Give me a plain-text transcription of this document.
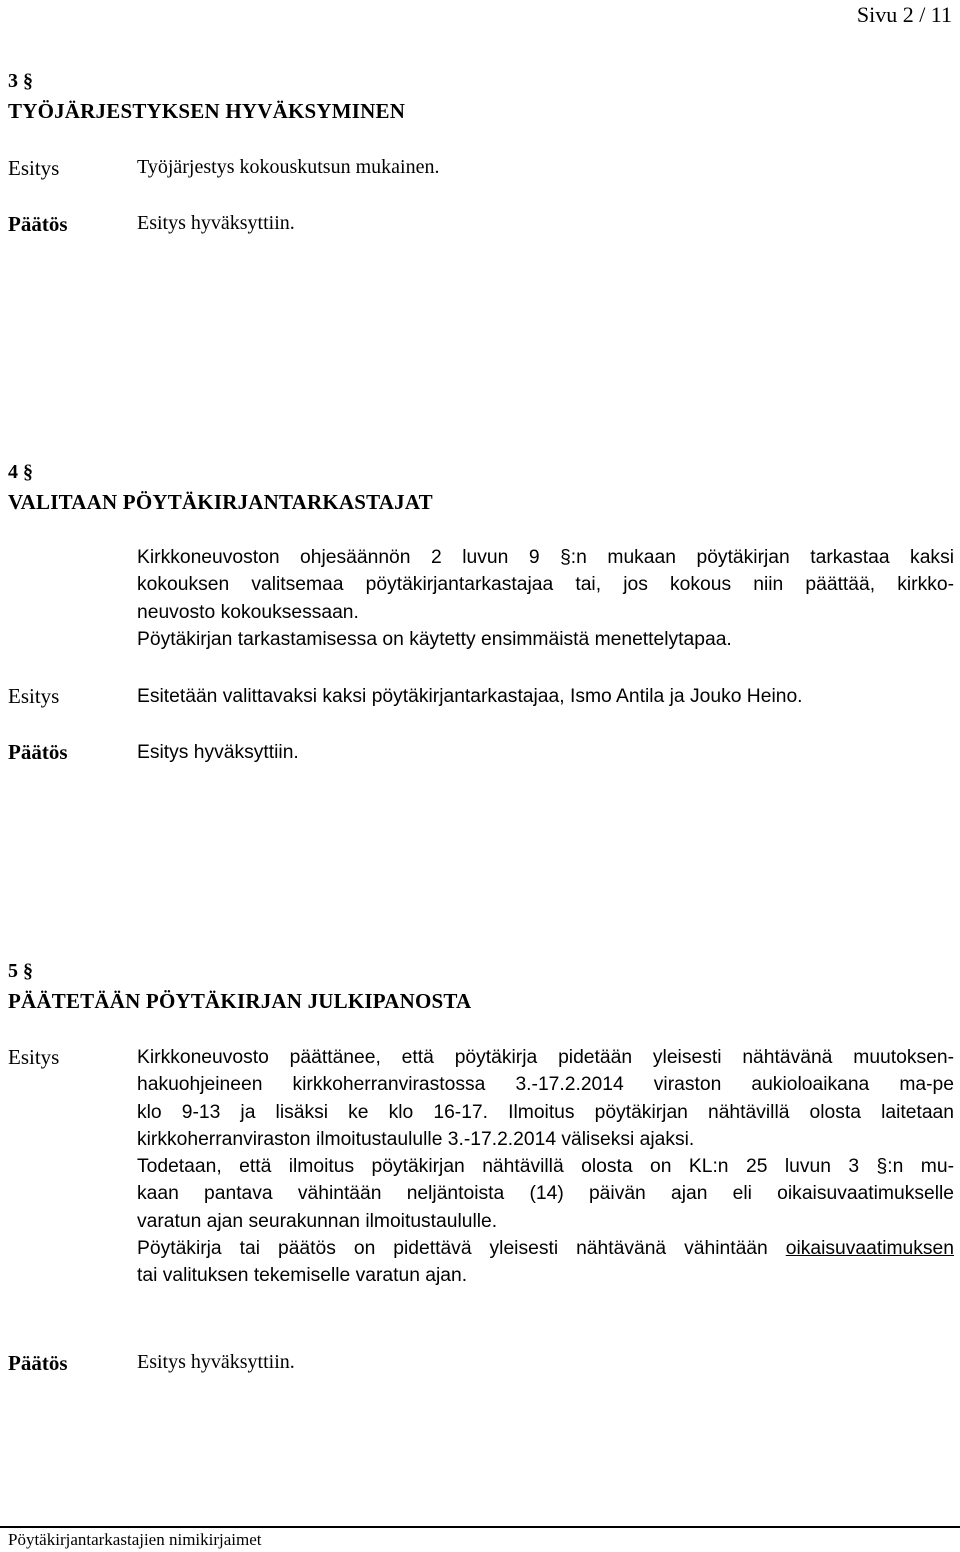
Sivu 2 / 11
3 §
TYÖJÄRJESTYKSEN HYVÄKSYMINEN
Esitys	Työjärjestys kokouskutsun mukainen.
Päätös	Esitys hyväksyttiin.
4 §
VALITAAN PÖYTÄKIRJANTARKASTAJAT
Kirkkoneuvoston ohjesäännön 2 luvun 9 §:n mukaan pöytäkirjan tarkastaa kaksi
kokouksen valitsemaa pöytäkirjantarkastajaa tai, jos kokous niin päättää, kirkko-
neuvosto kokouksessaan.
Pöytäkirjan tarkastamisessa on käytetty ensimmäistä menettelytapaa.
Esitys	Esitetään valittavaksi kaksi pöytäkirjantarkastajaa, Ismo Antila ja Jouko Heino.
Päätös	Esitys hyväksyttiin.
5 §
PÄÄTETÄÄN PÖYTÄKIRJAN JULKIPANOSTA
Esitys	Kirkkoneuvosto päättänee, että pöytäkirja pidetään yleisesti nähtävänä muutoksen-
hakuohjeineen kirkkoherranvirastossa 3.-17.2.2014 viraston aukioloaikana ma-pe
klo 9-13 ja lisäksi ke klo 16-17. Ilmoitus pöytäkirjan nähtävillä olosta laitetaan
kirkkoherranviraston ilmoitustaululle 3.-17.2.2014 väliseksi ajaksi.
Todetaan, että ilmoitus pöytäkirjan nähtävillä olosta on KL:n 25 luvun 3 §:n mu-
kaan pantava vähintään neljäntoista (14) päivän ajan eli oikaisuvaatimukselle
varatun ajan seurakunnan ilmoitustaululle.
Pöytäkirja tai päätös on pidettävä yleisesti nähtävänä vähintään oikaisuvaatimuksen
tai valituksen tekemiselle varatun ajan.
Päätös	Esitys hyväksyttiin.
Pöytäkirjantarkastajien nimikirjaimet
